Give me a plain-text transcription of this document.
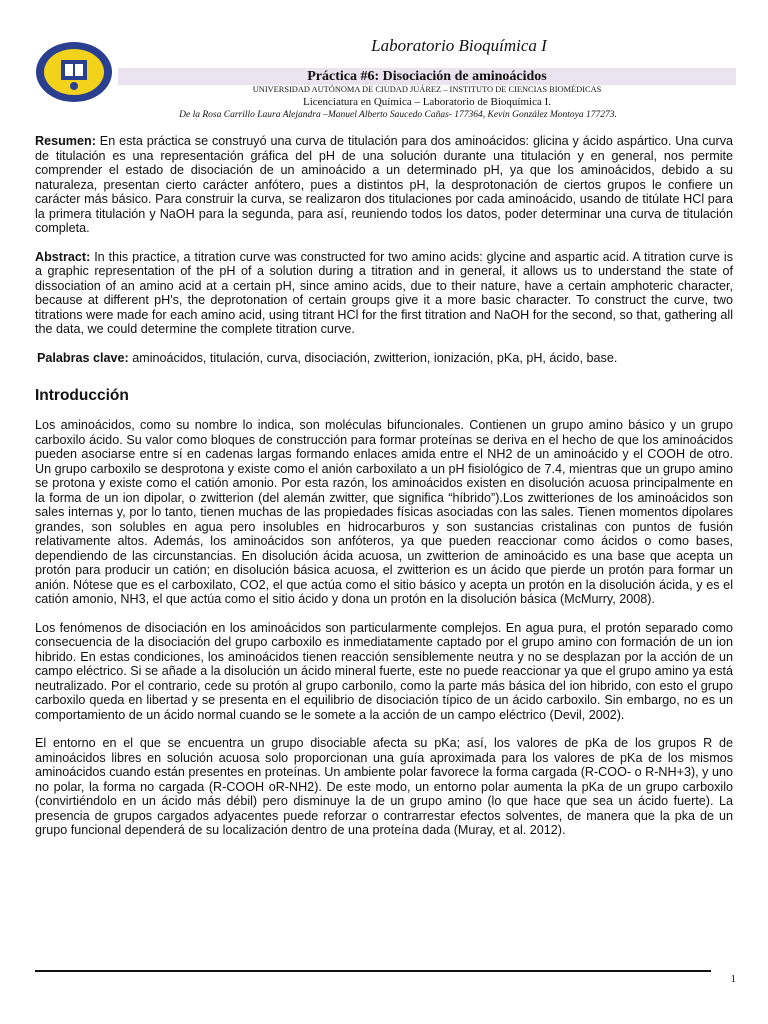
Laboratorio Bioquímica I
Práctica #6: Disociación de aminoácidos
UNIVERSIDAD AUTÓNOMA DE CIUDAD JUÁREZ – INSTITUTO DE CIENCIAS BIOMÉDICAS
Licenciatura en Química – Laboratorio de Bioquímica I.
De la Rosa Carrillo Laura Alejandra –Manuel Alberto Saucedo Cañas- 177364, Kevin González Montoya 177273.

Resumen: En esta práctica se construyó una curva de titulación para dos aminoácidos: glicina y ácido aspártico. Una curva de titulación es una representación gráfica del pH de una solución durante una titulación y en general, nos permite comprender el estado de disociación de un aminoácido a un determinado pH, ya que los aminoácidos, debido a su naturaleza, presentan cierto carácter anfótero, pues a distintos pH, la desprotonación de ciertos grupos le confiere un carácter más básico. Para construir la curva, se realizaron dos titulaciones por cada aminoácido, usando de titúlate HCl para la primera titulación y NaOH para la segunda, para así, reuniendo todos los datos, poder determinar una curva de titulación completa.

Abstract: In this practice, a titration curve was constructed for two amino acids: glycine and aspartic acid. A titration curve is a graphic representation of the pH of a solution during a titration and in general, it allows us to understand the state of dissociation of an amino acid at a certain pH, since amino acids, due to their nature, have a certain amphoteric character, because at different pH's, the deprotonation of certain groups give it a more basic character. To construct the curve, two titrations were made for each amino acid, using titrant HCl for the first titration and NaOH for the second, so that, gathering all the data, we could determine the complete titration curve.

Palabras clave: aminoácidos, titulación, curva, disociación, zwitterion, ionización, pKa, pH, ácido, base.

Introducción

Los aminoácidos, como su nombre lo indica, son moléculas bifuncionales. Contienen un grupo amino básico y un grupo carboxilo ácido. Su valor como bloques de construcción para formar proteínas se deriva en el hecho de que los aminoácidos pueden asociarse entre sí en cadenas largas formando enlaces amida entre el NH2 de un aminoácido y el COOH de otro. Un grupo carboxilo se desprotona y existe como el anión carboxilato a un pH fisiológico de 7.4, mientras que un grupo amino se protona y existe como el catión amonio. Por esta razón, los aminoácidos existen en disolución acuosa principalmente en la forma de un ion dipolar, o zwitterion (del alemán zwitter, que significa “híbrido”).Los zwitteriones de los aminoácidos son sales internas y, por lo tanto, tienen muchas de las propiedades físicas asociadas con las sales. Tienen momentos dipolares grandes, son solubles en agua pero insolubles en hidrocarburos y son sustancias cristalinas con puntos de fusión relativamente altos. Además, los aminoácidos son anfóteros, ya que pueden reaccionar como ácidos o como bases, dependiendo de las circunstancias. En disolución ácida acuosa, un zwitterion de aminoácido es una base que acepta un protón para producir un catión; en disolución básica acuosa, el zwitterion es un ácido que pierde un protón para formar un anión. Nótese que es el carboxilato, CO2, el que actúa como el sitio básico y acepta un protón en la disolución ácida, y es el catión amonio, NH3, el que actúa como el sitio ácido y dona un protón en la disolución básica (McMurry, 2008).

Los fenómenos de disociación en los aminoácidos son particularmente complejos. En agua pura, el protón separado como consecuencia de la disociación del grupo carboxilo es inmediatamente captado por el grupo amino con formación de un ion hibrido. En estas condiciones, los aminoácidos tienen reacción sensiblemente neutra y no se desplazan por la acción de un campo eléctrico. Si se añade a la disolución un ácido mineral fuerte, este no puede reaccionar ya que el grupo amino ya está neutralizado. Por el contrario, cede su protón al grupo carbonilo, como la parte más básica del ion hibrido, con esto el grupo carboxilo queda en libertad y se presenta en el equilibrio de disociación típico de un ácido carboxilo. Sin embargo, no es un comportamiento de un ácido normal cuando se le somete a la acción de un campo eléctrico (Devil, 2002).

El entorno en el que se encuentra un grupo disociable afecta su pKa; así, los valores de pKa de los grupos R de aminoácidos libres en solución acuosa solo proporcionan una guía aproximada para los valores de pKa de los mismos aminoácidos cuando están presentes en proteínas. Un ambiente polar favorece la forma cargada (R-COO- o R-NH+3), y uno no polar, la forma no cargada (R-COOH oR-NH2). De este modo, un entorno polar aumenta la pKa de un grupo carboxilo (convirtiéndolo en un ácido más débil) pero disminuye la de un grupo amino (lo que hace que sea un ácido fuerte). La presencia de grupos cargados adyacentes puede reforzar o contrarrestar efectos solventes, de manera que la pka de un grupo funcional dependerá de su localización dentro de una proteína dada (Muray, et al. 2012).

1
